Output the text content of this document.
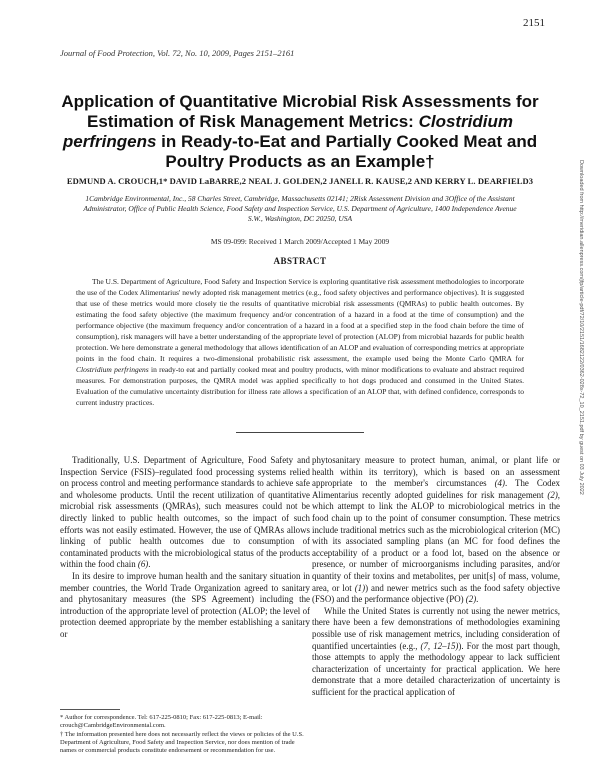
2151
Journal of Food Protection, Vol. 72, No. 10, 2009, Pages 2151–2161
Application of Quantitative Microbial Risk Assessments for Estimation of Risk Management Metrics: Clostridium perfringens in Ready-to-Eat and Partially Cooked Meat and Poultry Products as an Example†
EDMUND A. CROUCH,1* DAVID LaBARRE,2 NEAL J. GOLDEN,2 JANELL R. KAUSE,2 AND KERRY L. DEARFIELD3
1Cambridge Environmental, Inc., 58 Charles Street, Cambridge, Massachusetts 02141; 2Risk Assessment Division and 3Office of the Assistant Administrator, Office of Public Health Science, Food Safety and Inspection Service, U.S. Department of Agriculture, 1400 Independence Avenue S.W., Washington, DC 20250, USA
MS 09-099: Received 1 March 2009/Accepted 1 May 2009
ABSTRACT
The U.S. Department of Agriculture, Food Safety and Inspection Service is exploring quantitative risk assessment methodologies to incorporate the use of the Codex Alimentarius' newly adopted risk management metrics (e.g., food safety objectives and performance objectives). It is suggested that use of these metrics would more closely tie the results of quantitative microbial risk assessments (QMRAs) to public health outcomes. By estimating the food safety objective (the maximum frequency and/or concentration of a hazard in a food at the time of consumption) and the performance objective (the maximum frequency and/or concentration of a hazard in a food at a specified step in the food chain before the time of consumption), risk managers will have a better understanding of the appropriate level of protection (ALOP) from microbial hazards for public health protection. We here demonstrate a general methodology that allows identification of an ALOP and evaluation of corresponding metrics at appropriate points in the food chain. It requires a two-dimensional probabilistic risk assessment, the example used being the Monte Carlo QMRA for Clostridium perfringens in ready-to eat and partially cooked meat and poultry products, with minor modifications to evaluate and abstract required measures. For demonstration purposes, the QMRA model was applied specifically to hot dogs produced and consumed in the United States. Evaluation of the cumulative uncertainty distribution for illness rate allows a specification of an ALOP that, with defined confidence, corresponds to current industry practices.

Traditionally, U.S. Department of Agriculture, Food Safety and Inspection Service (FSIS)–regulated food processing systems relied on process control and meeting performance standards to achieve safe and wholesome products. Until the recent utilization of quantitative microbial risk assessments (QMRAs), such measures could not be directly linked to public health outcomes, so the impact of such efforts was not easily estimated. However, the use of QMRAs allows linking of public health outcomes due to consumption of contaminated products with the microbiological status of the products within the food chain (6).

In its desire to improve human health and the sanitary situation in member countries, the World Trade Organization agreed to sanitary and phytosanitary measures (the SPS Agreement) including the introduction of the appropriate level of protection (ALOP; the level of protection deemed appropriate by the member establishing a sanitary or

phytosanitary measure to protect human, animal, or plant life or health within its territory), which is based on an assessment appropriate to the member's circumstances (4). The Codex Alimentarius recently adopted guidelines for risk management (2), which attempt to link the ALOP to microbiological metrics in the food chain up to the point of consumer consumption. These metrics include traditional metrics such as the microbiological criterion (MC) with its associated sampling plans (an MC for food defines the acceptability of a product or a food lot, based on the absence or presence, or number of microorganisms including parasites, and/or quantity of their toxins and metabolites, per unit[s] of mass, volume, area, or lot (1)) and newer metrics such as the food safety objective (FSO) and the performance objective (PO) (2).

While the United States is currently not using the newer metrics, there have been a few demonstrations of methodologies examining possible use of risk management metrics, including consideration of quantified uncertainties (e.g., (7, 12–15)). For the most part though, those attempts to apply the methodology appear to lack sufficient characterization of uncertainty for practical application. We here demonstrate that a more detailed characterization of uncertainty is sufficient for the practical application of

* Author for correspondence. Tel: 617-225-0810; Fax: 617-225-0813; E-mail: crouch@CambridgeEnvironmental.com.
† The information presented here does not necessarily reflect the views or policies of the U.S. Department of Agriculture, Food Safety and Inspection Service, nor does mention of trade names or commercial products constitute endorsement or recommendation for use.
Downloaded from http://meridian.allenpress.com/jfp/article-pdf/72/10/2151/1682122/0362-028x-72_10_2151.pdf by guest on 03 July 2022
